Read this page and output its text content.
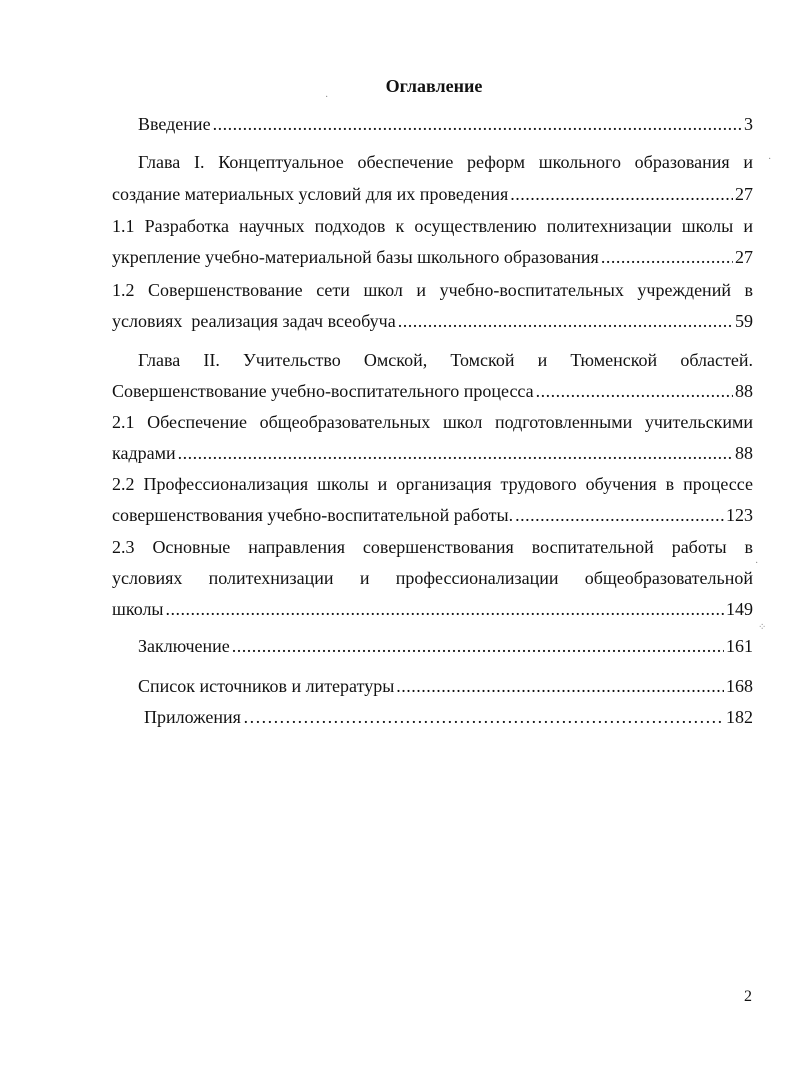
Оглавление
Введение .....	3
Глава I. Концептуальное обеспечение реформ школьного образования и
создание материальных условий для их проведения .....	27
1.1 Разработка научных подходов к осуществлению политехнизации школы и
укрепление учебно-материальной базы школьного образования .....	27
1.2 Совершенствование сети школ и учебно-воспитательных учреждений в
условиях  реализация задач всеобуча .....	59
Глава II. Учительство Омской, Томской и Тюменской областей.
Совершенствование учебно-воспитательного процесса .....	88
2.1 Обеспечение общеобразовательных школ подготовленными учительскими
кадрами .....	88
2.2 Профессионализация школы и организация трудового обучения в процессе
совершенствования учебно-воспитательной работы. .....	123
2.3 Основные направления совершенствования воспитательной работы в
условиях политехнизации и профессионализации общеобразовательной
школы .....	149
Заключение .....	161
Список источников и литературы .....	168
Приложения ………………………………………………………………………………………………………………………………………………	182
2
·
·
·
⁘
